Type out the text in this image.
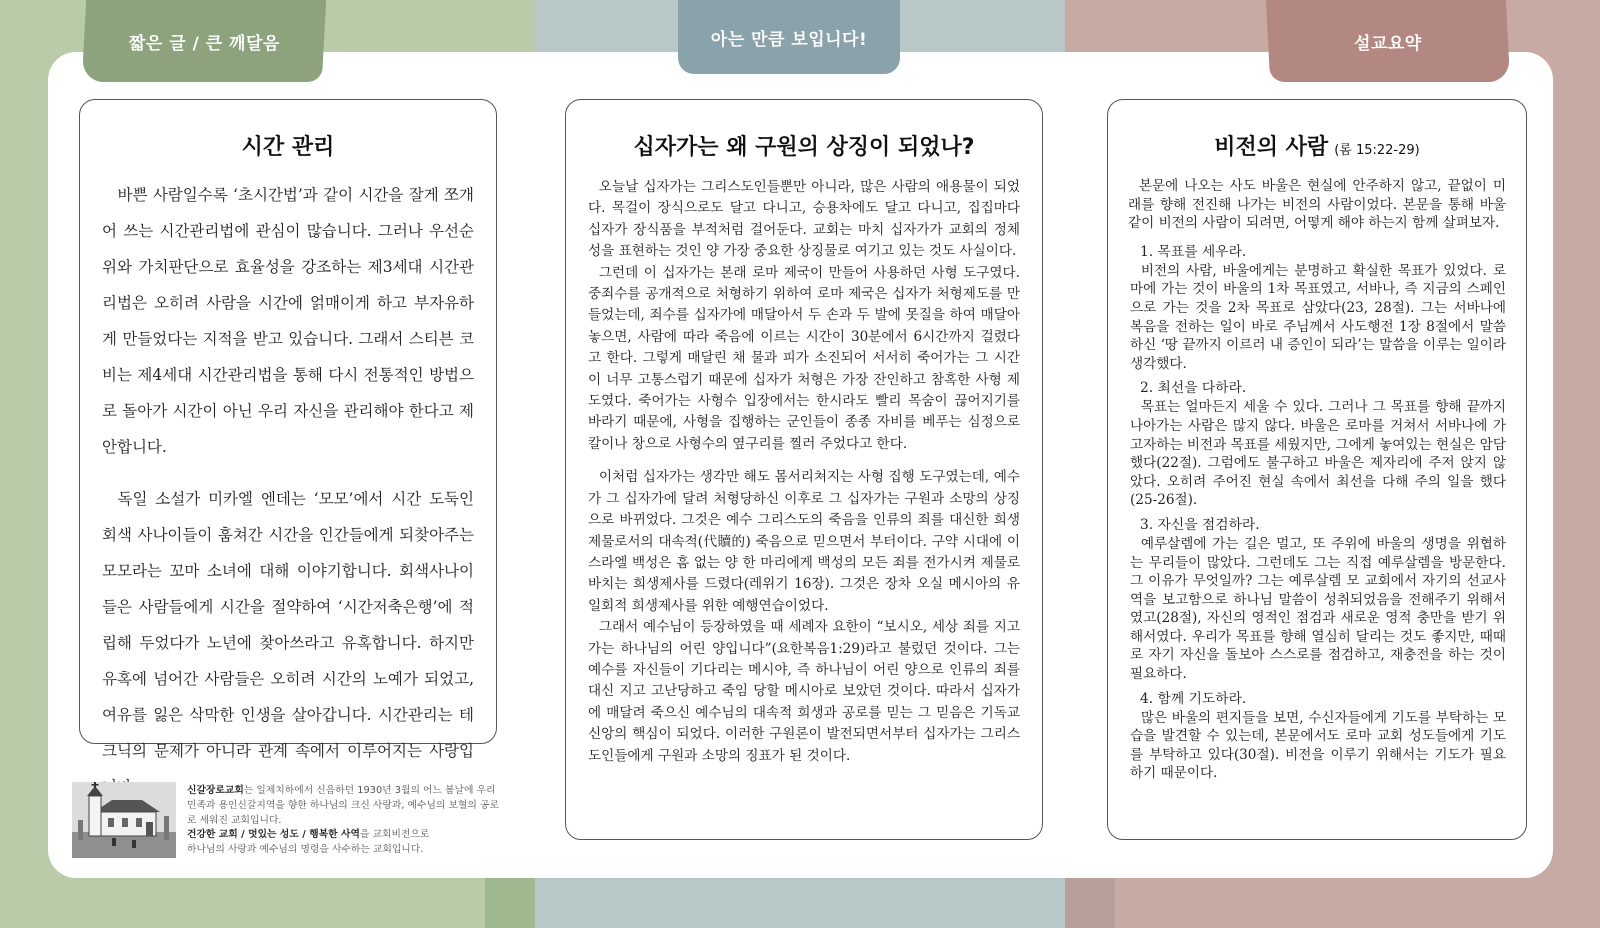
짧은 글 / 큰 깨달음	아는 만큼 보입니다!	설교요약
시간 관리

바쁜 사람일수록 ‘초시간법’과 같이 시간을 잘게 쪼개어 쓰는 시간관리법에 관심이 많습니다. 그러나 우선순위와 가치판단으로 효율성을 강조하는 제3세대 시간관리법은 오히려 사람을 시간에 얽매이게 하고 부자유하게 만들었다는 지적을 받고 있습니다. 그래서 스티븐 코비는 제4세대 시간관리법을 통해 다시 전통적인 방법으로 돌아가 시간이 아닌 우리 자신을 관리해야 한다고 제안합니다.

독일 소설가 미카엘 엔데는 ‘모모’에서 시간 도둑인 회색 사나이들이 훔쳐간 시간을 인간들에게 되찾아주는 모모라는 꼬마 소녀에 대해 이야기합니다. 회색사나이들은 사람들에게 시간을 절약하여 ‘시간저축은행’에 적립해 두었다가 노년에 찾아쓰라고 유혹합니다. 하지만 유혹에 넘어간 사람들은 오히려 시간의 노예가 되었고, 여유를 잃은 삭막한 인생을 살아갑니다. 시간관리는 테크닉의 문제가 아니라 관계 속에서 이루어지는 사랑입

신갈장로교회는 일제치하에서 신음하던 1930년 3월의 어느 봄날에 우리 민족과 용인신갈지역을 향한 하나님의 크신 사랑과, 예수님의 보혈의 공로로 세워진 교회입니다.
건강한 교회 / 멋있는 성도 / 행복한 사역을 교회비전으로
하나님의 사랑과 예수님의 명령을 사수하는 교회입니다.
십자가는 왜 구원의 상징이 되었나?

오늘날 십자가는 그리스도인들뿐만 아니라, 많은 사람의 애용물이 되었다. 목걸이 장식으로도 달고 다니고, 승용차에도 달고 다니고, 집집마다 십자가 장식품을 부적처럼 걸어둔다. 교회는 마치 십자가가 교회의 정체성을 표현하는 것인 양 가장 중요한 상징물로 여기고 있는 것도 사실이다.

그런데 이 십자가는 본래 로마 제국이 만들어 사용하던 사형 도구였다. 중죄수를 공개적으로 처형하기 위하여 로마 제국은 십자가 처형제도를 만들었는데, 죄수를 십자가에 매달아서 두 손과 두 발에 못질을 하여 매달아 놓으면, 사람에 따라 죽음에 이르는 시간이 30분에서 6시간까지 걸렸다고 한다. 그렇게 매달린 채 물과 피가 소진되어 서서히 죽어가는 그 시간이 너무 고통스럽기 때문에 십자가 처형은 가장 잔인하고 참혹한 사형 제도였다. 죽어가는 사형수 입장에서는 한시라도 빨리 목숨이 끊어지기를 바라기 때문에, 사형을 집행하는 군인들이 종종 자비를 베푸는 심정으로 칼이나 창으로 사형수의 옆구리를 찔러 주었다고 한다.

이처럼 십자가는 생각만 해도 몸서리쳐지는 사형 집행 도구였는데, 예수가 그 십자가에 달려 처형당하신 이후로 그 십자가는 구원과 소망의 상징으로 바뀌었다. 그것은 예수 그리스도의 죽음을 인류의 죄를 대신한 희생제물로서의 대속적(代贖的) 죽음으로 믿으면서 부터이다. 구약 시대에 이스라엘 백성은 흠 없는 양 한 마리에게 백성의 모든 죄를 전가시켜 제물로 바치는 희생제사를 드렸다(레위기 16장). 그것은 장차 오실 메시아의 유일회적 희생제사를 위한 예행연습이었다.

그래서 예수님이 등장하였을 때 세례자 요한이 “보시오, 세상 죄를 지고 가는 하나님의 어린 양입니다”(요한복음1:29)라고 불렀던 것이다. 그는 예수를 자신들이 기다리는 메시야, 즉 하나님이 어린 양으로 인류의 죄를 대신 지고 고난당하고 죽임 당할 메시아로 보았던 것이다. 따라서 십자가에 매달려 죽으신 예수님의 대속적 희생과 공로를 믿는 그 믿음은 기독교 신앙의 핵심이 되었다. 이러한 구원론이 발전되면서부터 십자가는 그리스도인들에게 구원과 소망의 징표가 된 것이다.

비전의 사람 (롬 15:22-29)

본문에 나오는 사도 바울은 현실에 안주하지 않고, 끝없이 미래를 향해 전진해 나가는 비전의 사람이었다. 본문을 통해 바울같이 비전의 사람이 되려면, 어떻게 해야 하는지 함께 살펴보자.

1. 목표를 세우라.

비전의 사람, 바울에게는 분명하고 확실한 목표가 있었다. 로마에 가는 것이 바울의 1차 목표였고, 서바나, 즉 지금의 스페인으로 가는 것을 2차 목표로 삼았다(23, 28절). 그는 서바나에 복음을 전하는 일이 바로 주님께서 사도행전 1장 8절에서 말씀하신 ‘땅 끝까지 이르러 내 증인이 되라’는 말씀을 이루는 일이라 생각했다.

2. 최선을 다하라.

목표는 얼마든지 세울 수 있다. 그러나 그 목표를 향해 끝까지 나아가는 사람은 많지 않다. 바울은 로마를 거쳐서 서바나에 가고자하는 비전과 목표를 세웠지만, 그에게 놓여있는 현실은 암담했다(22절). 그럼에도 불구하고 바울은 제자리에 주저 앉지 않았다. 오히려 주어진 현실 속에서 최선을 다해 주의 일을 했다(25-26절).

3. 자신을 점검하라.

예루살렘에 가는 길은 멀고, 또 주위에 바울의 생명을 위협하는 무리들이 많았다. 그런데도 그는 직접 예루살렘을 방문한다. 그 이유가 무엇일까? 그는 예루살렘 모 교회에서 자기의 선교사역을 보고함으로 하나님 말씀이 성취되었음을 전해주기 위해서였고(28절), 자신의 영적인 점검과 새로운 영적 충만을 받기 위해서였다. 우리가 목표를 향해 열심히 달리는 것도 좋지만, 때때로 자기 자신을 돌보아 스스로를 점검하고, 재충전을 하는 것이 필요하다.

4. 함께 기도하라.

많은 바울의 편지들을 보면, 수신자들에게 기도를 부탁하는 모습을 발견할 수 있는데, 본문에서도 로마 교회 성도들에게 기도를 부탁하고 있다(30절). 비전을 이루기 위해서는 기도가 필요하기 때문이다.
